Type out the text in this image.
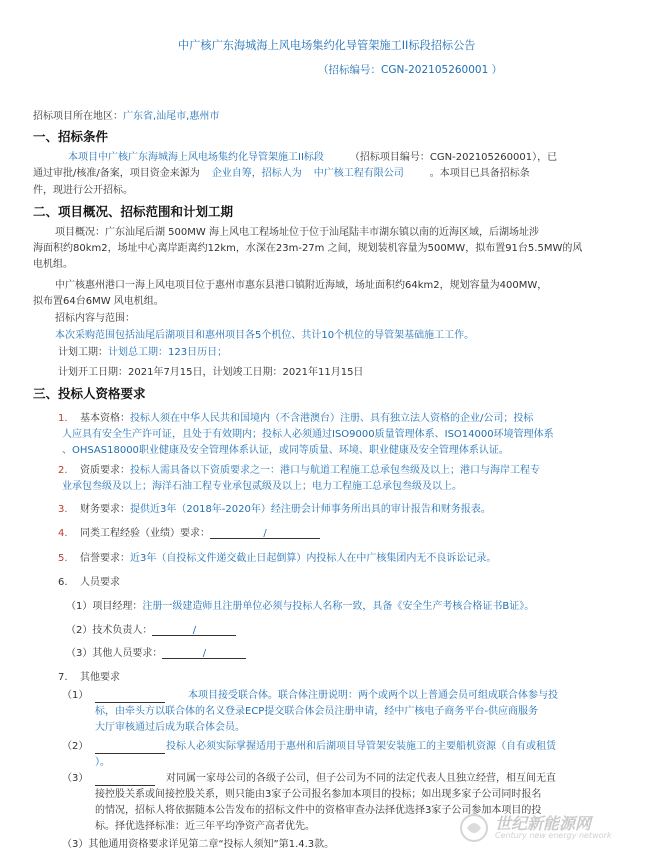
中广核广东海城海上风电场集约化导管架施工II标段招标公告
（招标编号：CGN-202105260001 ）
招标项目所在地区：广东省,汕尾市,惠州市
一、招标条件
本项目中广核广东海城海上风电场集约化导管架施工II标段	（招标项目编号：CGN-202105260001），已
通过审批/核准/备案，项目资金来源为 企业自筹，招标人为 中广核工程有限公司	。本项目已具备招标条
件，现进行公开招标。
二、项目概况、招标范围和计划工期
项目概况：广东汕尾后湖 500MW 海上风电工程场址位于位于汕尾陆丰市湖东镇以南的近海区域，后湖场址涉
海面积约80km2，场址中心离岸距离约12km，水深在23m-27m 之间，规划装机容量为500MW，拟布置91台5.5MW的风
电机组。
中广核惠州港口一海上风电项目位于惠州市惠东县港口镇附近海域，场址面积约64km2，规划容量为400MW，
拟布置64台6MW 风电机组。
招标内容与范围：
本次采购范围包括汕尾后湖项目和惠州项目各5个机位、共计10个机位的导管架基础施工工作。
计划工期：计划总工期：123日历日；
计划开工日期：2021年7月15日，计划竣工日期：2021年11月15日
三、投标人资格要求
1. 基本资格：投标人须在中华人民共和国境内（不含港澳台）注册、具有独立法人资格的企业/公司；投标
人应具有安全生产许可证，且处于有效期内；投标人必须通过ISO9000质量管理体系、ISO14000环境管理体系
、OHSAS18000职业健康及安全管理体系认证，或同等质量、环境、职业健康及安全管理体系认证。
2. 资质要求：投标人需具备以下资质要求之一：港口与航道工程施工总承包叁级及以上；港口与海岸工程专
业承包叁级及以上；海洋石油工程专业承包贰级及以上；电力工程施工总承包叁级及以上。
3. 财务要求：提供近3年（2018年-2020年）经注册会计师事务所出具的审计报告和财务报表。
4. 同类工程经验（业绩）要求：	/
5. 信誉要求：近3年（自投标文件递交截止日起倒算）内投标人在中广核集团内无不良诉讼记录。
6. 人员要求
（1）项目经理：注册一级建造师且注册单位必须与投标人名称一致，具备《安全生产考核合格证书B证》。
（2）技术负责人：	/
（3）其他人员要求：	/
7. 其他要求
（1）	本项目接受联合体。联合体注册说明：两个或两个以上普通会员可组成联合体参与投
标，由牵头方以联合体的名义登录ECP提交联合体会员注册申请，经中广核电子商务平台-供应商服务
大厅审核通过后成为联合体会员。
（2）	投标人必须实际掌握适用于惠州和后湖项目导管架安装施工的主要船机资源（自有或租赁
）。
（3）	对同属一家母公司的各级子公司，但子公司为不同的法定代表人且独立经营，相互间无直
接控股关系或间接控股关系，则只能由3家子公司报名参加本项目的投标；如出现多家子公司同时报名
的情况，招标人将依据随本公告发布的招标文件中的资格审查办法择优选择3家子公司参加本项目的投
标。择优选择标准：近三年平均净资产高者优先。
（3）其他通用资格要求详见第二章“投标人须知”第1.4.3款。
世纪新能源网
Century new energy network
